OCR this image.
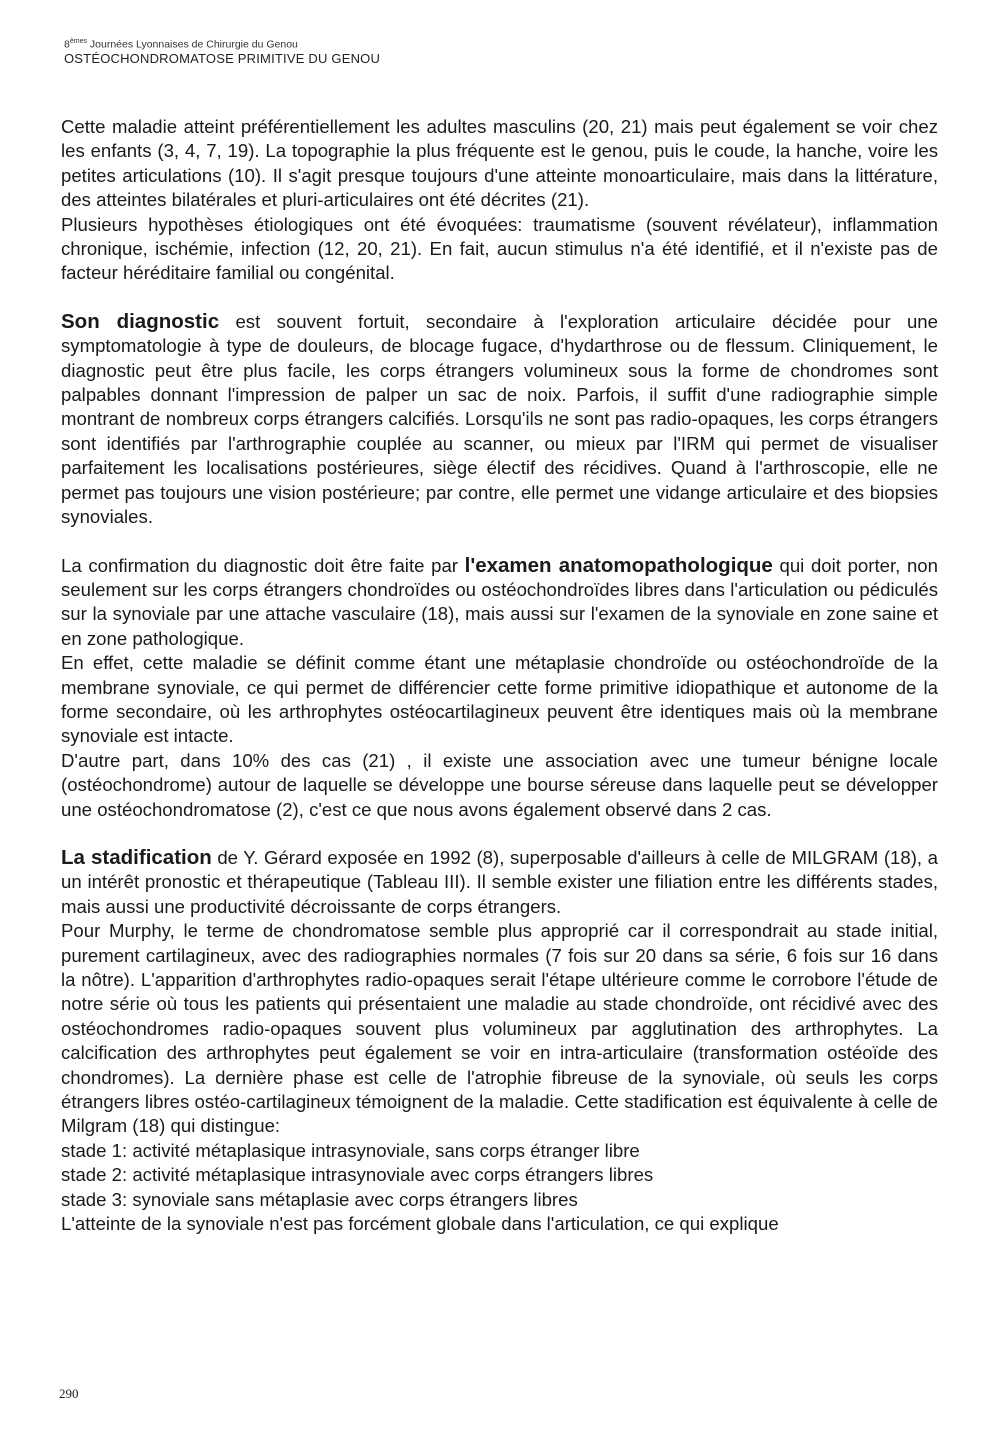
8èmes Journées Lyonnaises de Chirurgie du Genou
OSTÉOCHONDROMATOSE PRIMITIVE DU GENOU

Cette maladie atteint préférentiellement les adultes masculins (20, 21) mais peut également se voir chez les enfants (3, 4, 7, 19). La topographie la plus fréquente est le genou, puis le coude, la hanche, voire les petites articulations (10). Il s'agit presque toujours d'une atteinte monoarticulaire, mais dans la littérature, des atteintes bilatérales et pluri-articulaires ont été décrites (21).

Plusieurs hypothèses étiologiques ont été évoquées: traumatisme (souvent révélateur), inflammation chronique, ischémie, infection (12, 20, 21). En fait, aucun stimulus n'a été identifié, et il n'existe pas de facteur héréditaire familial ou congénital.

Son diagnostic est souvent fortuit, secondaire à l'exploration articulaire décidée pour une symptomatologie à type de douleurs, de blocage fugace, d'hydarthrose ou de flessum. Cliniquement, le diagnostic peut être plus facile, les corps étrangers volumineux sous la forme de chondromes sont palpables donnant l'impression de palper un sac de noix. Parfois, il suffit d'une radiographie simple montrant de nombreux corps étrangers calcifiés. Lorsqu'ils ne sont pas radio-opaques, les corps étrangers sont identifiés par l'arthrographie couplée au scanner, ou mieux par l'IRM qui permet de visualiser parfaitement les localisations postérieures, siège électif des récidives. Quand à l'arthroscopie, elle ne permet pas toujours une vision postérieure; par contre, elle permet une vidange articulaire et des biopsies synoviales.

La confirmation du diagnostic doit être faite par l'examen anatomopathologique qui doit porter, non seulement sur les corps étrangers chondroïdes ou ostéochondroïdes libres dans l'articulation ou pédiculés sur la synoviale par une attache vasculaire (18), mais aussi sur l'examen de la synoviale en zone saine et en zone pathologique.

En effet, cette maladie se définit comme étant une métaplasie chondroïde ou ostéochondroïde de la membrane synoviale, ce qui permet de différencier cette forme primitive idiopathique et autonome de la forme secondaire, où les arthrophytes ostéocartilagineux peuvent être identiques mais où la membrane synoviale est intacte.

D'autre part, dans 10% des cas (21) , il existe une association avec une tumeur bénigne locale (ostéochondrome) autour de laquelle se développe une bourse séreuse dans laquelle peut se développer une ostéochondromatose (2), c'est ce que nous avons également observé dans 2 cas.

La stadification de Y. Gérard exposée en 1992 (8), superposable d'ailleurs à celle de MILGRAM (18), a un intérêt pronostic et thérapeutique (Tableau III). Il semble exister une filiation entre les différents stades, mais aussi une productivité décroissante de corps étrangers.

Pour Murphy, le terme de chondromatose semble plus approprié car il correspondrait au stade initial, purement cartilagineux, avec des radiographies normales (7 fois sur 20 dans sa série, 6 fois sur 16 dans la nôtre). L'apparition d'arthrophytes radio-opaques serait l'étape ultérieure comme le corrobore l'étude de notre série où tous les patients qui présentaient une maladie au stade chondroïde, ont récidivé avec des ostéochondromes radio-opaques souvent plus volumineux par agglutination des arthrophytes. La calcification des arthrophytes peut également se voir en intra-articulaire (transformation ostéoïde des chondromes). La dernière phase est celle de l'atrophie fibreuse de la synoviale, où seuls les corps étrangers libres ostéo-cartilagineux témoignent de la maladie. Cette stadification est équivalente à celle de Milgram (18) qui distingue:

stade 1: activité métaplasique intrasynoviale, sans corps étranger libre

stade 2: activité métaplasique intrasynoviale avec corps étrangers libres

stade 3: synoviale sans métaplasie avec corps étrangers libres

L'atteinte de la synoviale n'est pas forcément globale dans l'articulation, ce qui explique

290
